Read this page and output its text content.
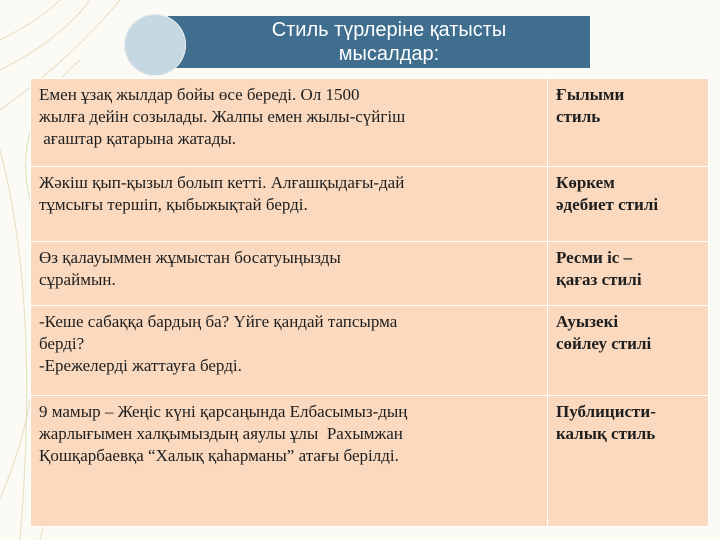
Стиль түрлеріне қатысты
мысалдар:
Емен ұзақ жылдар бойы өсе береді. Ол 1500
жылға дейін созылады. Жалпы емен жылы-сүйгіш
ағаштар қатарына жатады.	Ғылыми
стиль

Жәкіш қып-қызыл болып кетті. Алғашқыдағы-дай
тұмсығы тершіп, қыбыжықтай берді.	Көркем
әдебиет стилі

Өз қалауыммен жұмыстан босатуыңызды
сұраймын.	Ресми іс –
қағаз стилі

-Кеше сабаққа бардың ба? Үйге қандай тапсырма
берді?
-Ережелерді жаттауға берді.	Ауызекі
сөйлеу стилі

9 мамыр – Жеңіс күні қарсаңында Елбасымыз-дың
жарлығымен халқымыздың аяулы ұлы  Рахымжан
Қошқарбаевқа “Халық қаһарманы” атағы берілді.	Публицисти-
калық стиль
